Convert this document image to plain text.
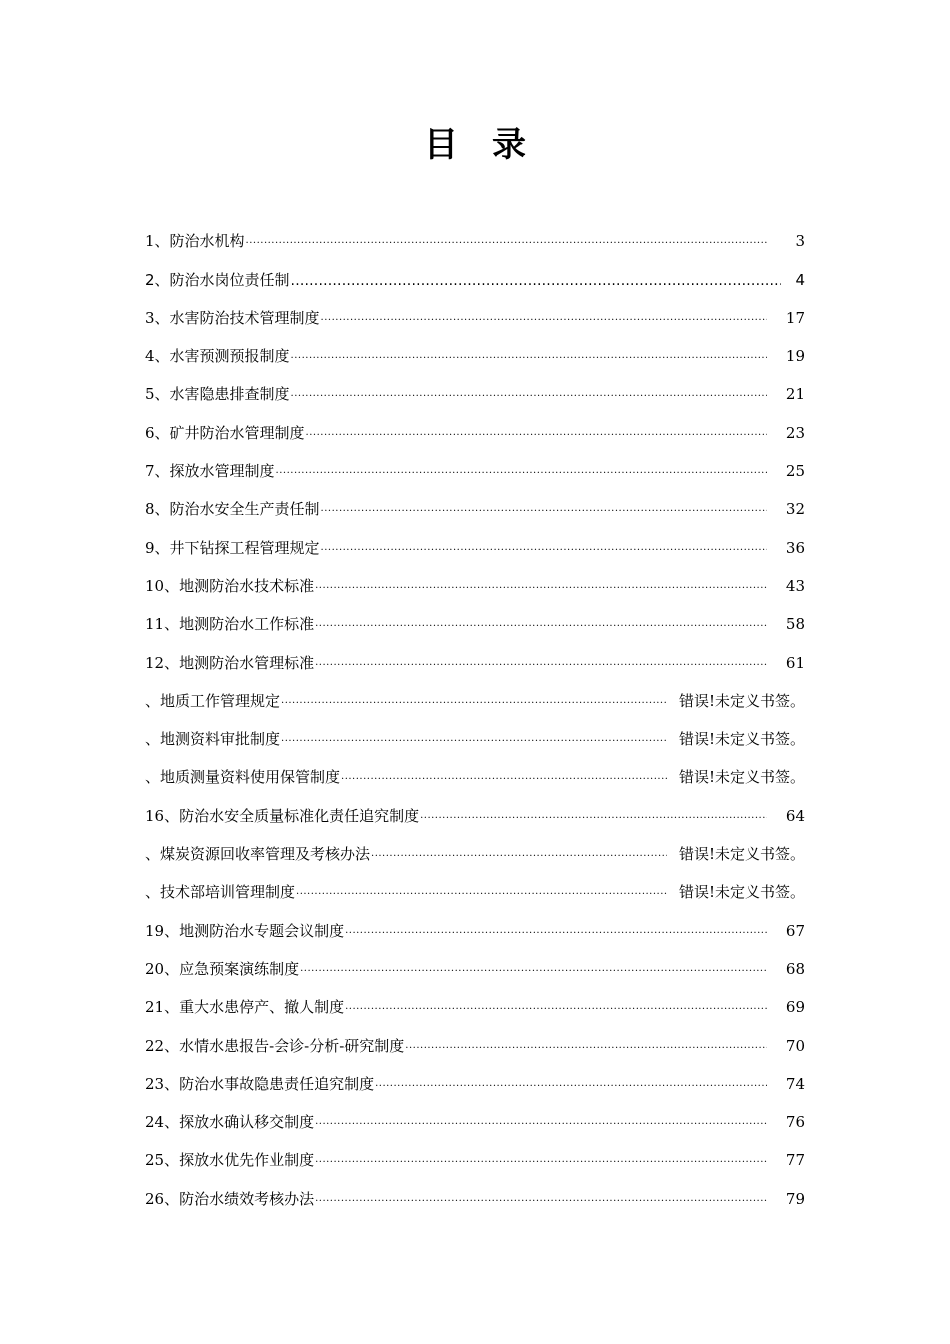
目　录
1、防治水机构 .....	3
2、防治水岗位责任制 .....	4
3、水害防治技术管理制度 .....	17
4、水害预测预报制度 .....	19
5、水害隐患排查制度 .....	21
6、矿井防治水管理制度 .....	23
7、探放水管理制度 .....	25
8、防治水安全生产责任制 .....	32
9、井下钻探工程管理规定 .....	36
10、地测防治水技术标准 .....	43
11、地测防治水工作标准 .....	58
12、地测防治水管理标准 .....	61
、地质工作管理规定 .....	错误!未定义书签。
、地测资料审批制度 .....	错误!未定义书签。
、地质测量资料使用保管制度 .....	错误!未定义书签。
16、防治水安全质量标准化责任追究制度 .....	64
、煤炭资源回收率管理及考核办法 .....	错误!未定义书签。
、技术部培训管理制度 .....	错误!未定义书签。
19、地测防治水专题会议制度 .....	67
20、应急预案演练制度 .....	68
21、重大水患停产、撤人制度 .....	69
22、水情水患报告-会诊-分析-研究制度 .....	70
23、防治水事故隐患责任追究制度 .....	74
24、探放水确认移交制度 .....	76
25、探放水优先作业制度 .....	77
26、防治水绩效考核办法 .....	79
